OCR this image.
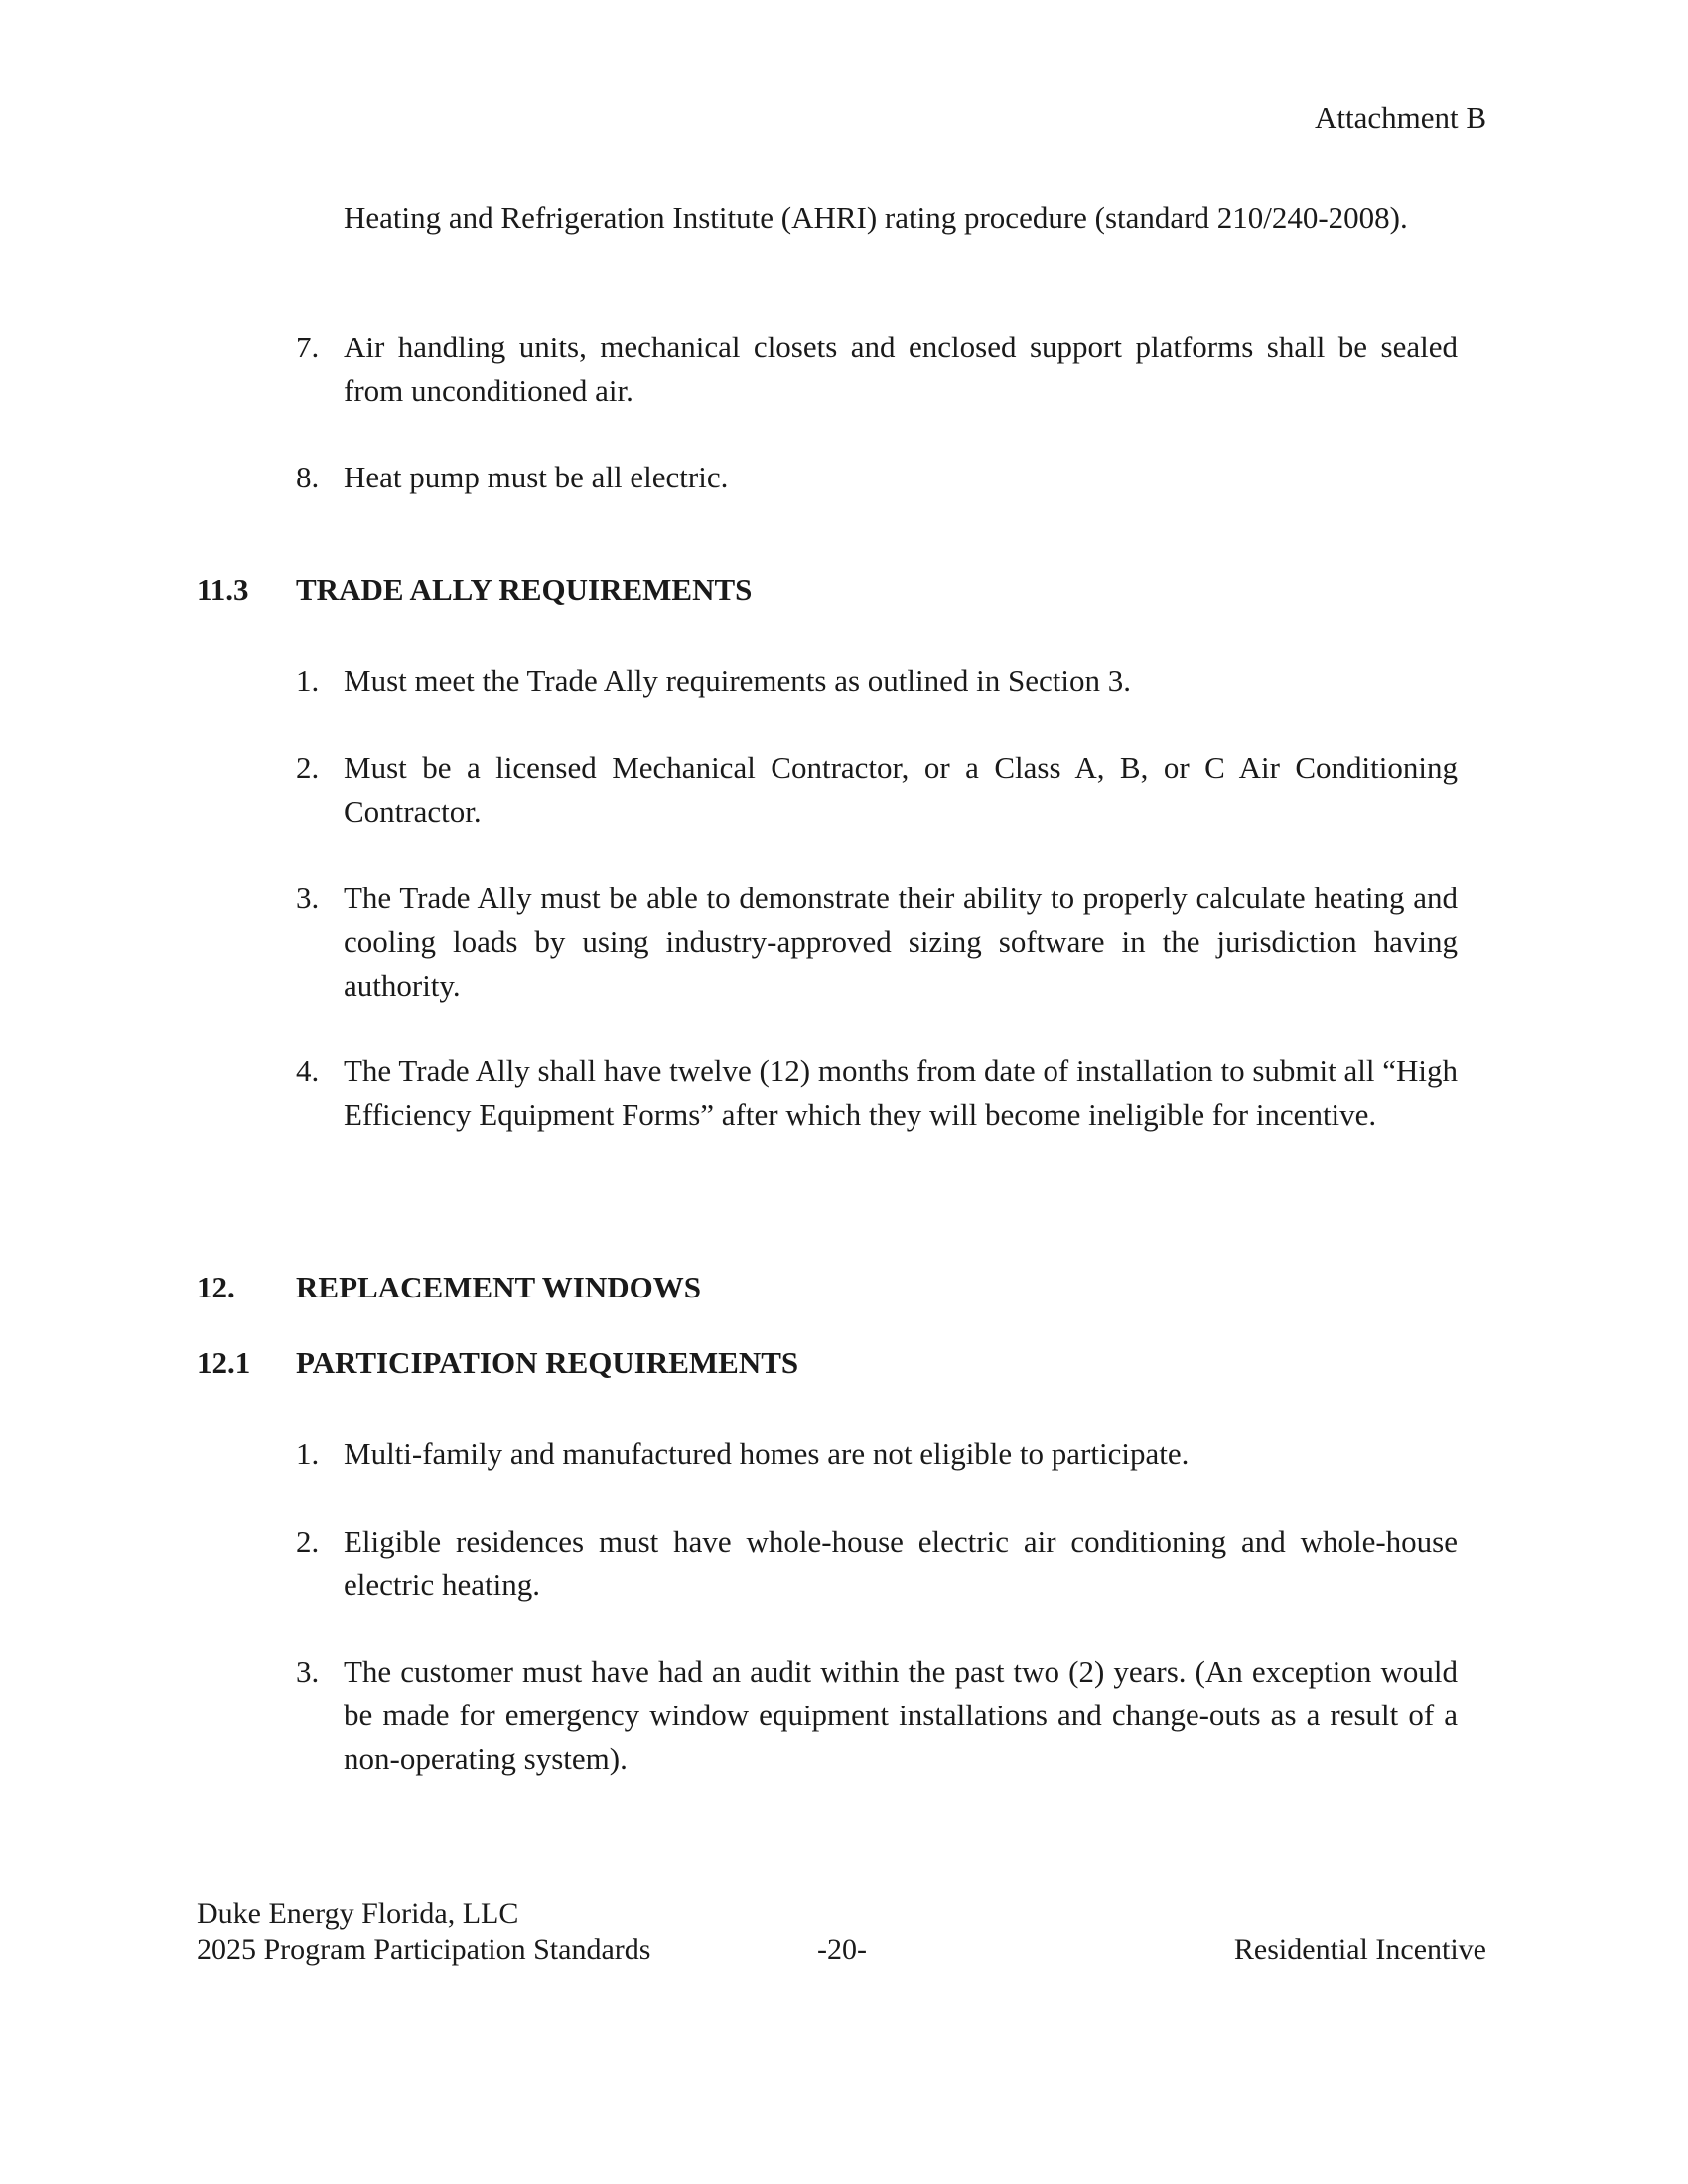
Attachment B

Heating and Refrigeration Institute (AHRI) rating procedure (standard 210/240-2008).

7. Air handling units, mechanical closets and enclosed support platforms shall be sealed from unconditioned air.
8. Heat pump must be all electric.
11.3 TRADE ALLY REQUIREMENTS
1. Must meet the Trade Ally requirements as outlined in Section 3.
2. Must be a licensed Mechanical Contractor, or a Class A, B, or C Air Conditioning Contractor.
3. The Trade Ally must be able to demonstrate their ability to properly calculate heating and cooling loads by using industry-approved sizing software in the jurisdiction having authority.
4. The Trade Ally shall have twelve (12) months from date of installation to submit all “High Efficiency Equipment Forms” after which they will become ineligible for incentive.
12. REPLACEMENT WINDOWS
12.1 PARTICIPATION REQUIREMENTS
1. Multi-family and manufactured homes are not eligible to participate.
2. Eligible residences must have whole-house electric air conditioning and whole-house electric heating.
3. The customer must have had an audit within the past two (2) years. (An exception would be made for emergency window equipment installations and change-outs as a result of a non-operating system).
Duke Energy Florida, LLC
2025 Program Participation Standards	-20-	Residential Incentive
